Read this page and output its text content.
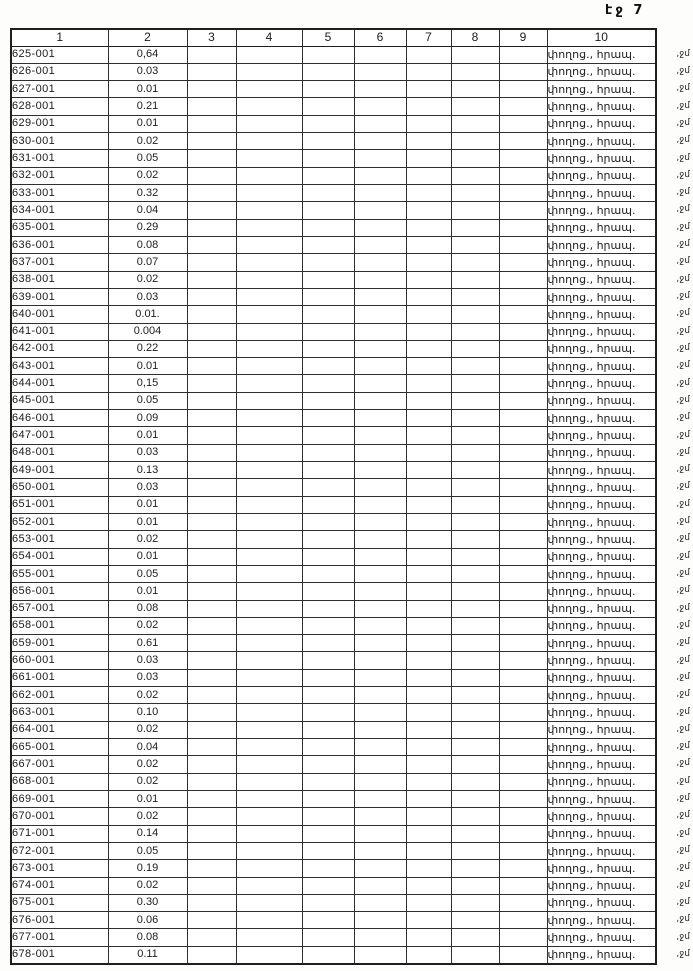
էջ 7
1	2	3	4	5	6	7	8	9	10
625-001	0,64								փողոց., հրապ.
626-001	0.03								փողոց., հրապ.
627-001	0.01								փողոց., հրապ.
628-001	0.21								փողոց., հրապ.
629-001	0.01								փողոց., հրապ.
630-001	0.02								փողոց., հրապ.
631-001	0.05								փողոց., հրապ.
632-001	0.02								փողոց., հրապ.
633-001	0.32								փողոց., հրապ.
634-001	0.04								փողոց., հրապ.
635-001	0.29								փողոց., հրապ.
636-001	0.08								փողոց., հրապ.
637-001	0.07								փողոց., հրապ.
638-001	0.02								փողոց., հրապ.
639-001	0.03								փողոց., հրապ.
640-001	0.01.								փողոց., հրապ.
641-001	0.004								փողոց., հրապ.
642-001	0.22								փողոց., հրապ.
643-001	0.01								փողոց., հրապ.
644-001	0,15								փողոց., հրապ.
645-001	0.05								փողոց., հրապ.
646-001	0.09								փողոց., հրապ.
647-001	0.01								փողոց., հրապ.
648-001	0.03								փողոց., հրապ.
649-001	0.13								փողոց., հրապ.
650-001	0.03								փողոց., հրապ.
651-001	0.01								փողոց., հրապ.
652-001	0.01								փողոց., հրապ.
653-001	0.02								փողոց., հրապ.
654-001	0.01								փողոց., հրապ.
655-001	0.05								փողոց., հրապ.
656-001	0.01								փողոց., հրապ.
657-001	0.08								փողոց., հրապ.
658-001	0.02								փողոց., հրապ.
659-001	0.61								փողոց., հրապ.
660-001	0.03								փողոց., հրապ.
661-001	0.03								փողոց., հրապ.
662-001	0.02								փողոց., հրապ.
663-001	0.10								փողոց., հրապ.
664-001	0.02								փողոց., հրապ.
665-001	0.04								փողոց., հրապ.
667-001	0.02								փողոց., հրապ.
668-001	0.02								փողոց., հրապ.
669-001	0.01								փողոց., հրապ.
670-001	0.02								փողոց., հրապ.
671-001	0.14								փողոց., հրապ.
672-001	0.05								փողոց., հրապ.
673-001	0.19								փողոց., հրապ.
674-001	0.02								փողոց., հրապ.
675-001	0.30								փողոց., հրապ.
676-001	0.06								փողոց., հրապ.
677-001	0.08								փողոց., հրապ.
678-001	0.11								փողոց., հրապ.
,ջմ
,ջմ
,ջմ
,ջմ
,ջմ
,ջմ
,ջմ
,ջմ
,ջմ
,ջմ
,ջմ
,ջմ
,ջմ
,ջմ
,ջմ
,ջմ
,ջմ
,ջմ
,ջմ
,ջմ
,ջմ
,ջմ
,ջմ
,ջմ
,ջմ
,ջմ
,ջմ
,ջմ
,ջմ
,ջմ
,ջմ
,ջմ
,ջմ
,ջմ
,ջմ
,ջմ
,ջմ
,ջմ
,ջմ
,ջմ
,ջմ
,ջմ
,ջմ
,ջմ
,ջմ
,ջմ
,ջմ
,ջմ
,ջմ
,ջմ
,ջմ
,ջմ
,ջմ
